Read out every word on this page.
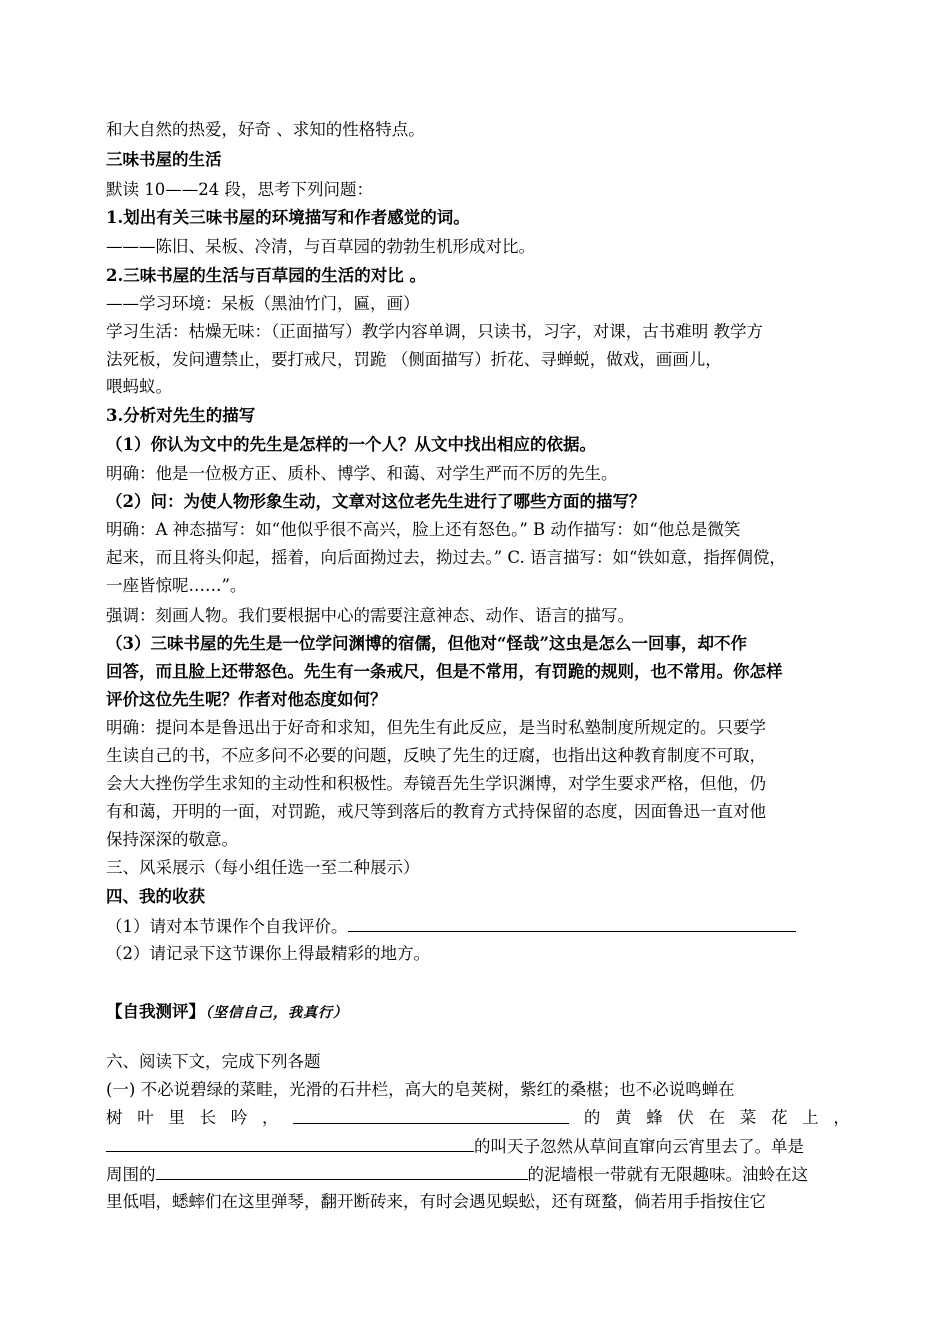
和大自然的热爱，好奇 、求知的性格特点。
三味书屋的生活
默读 10——24 段，思考下列问题：
1.划出有关三味书屋的环境描写和作者感觉的词。
———陈旧、呆板、冷清，与百草园的勃勃生机形成对比。
2.三味书屋的生活与百草园的生活的对比 。
——学习环境：呆板（黑油竹门，匾，画）
学习生活：枯燥无味：（正面描写）教学内容单调，只读书，习字，对课，古书难明 教学方
法死板，发问遭禁止，要打戒尺，罚跪 （侧面描写）折花、寻蝉蜕，做戏，画画儿，
喂蚂蚁。
3.分析对先生的描写
（1）你认为文中的先生是怎样的一个人？从文中找出相应的依据。
明确：他是一位极方正、质朴、博学、和蔼、对学生严而不厉的先生。
（2）问：为使人物形象生动，文章对这位老先生进行了哪些方面的描写？
明确：A 神态描写：如“他似乎很不高兴，脸上还有怒色。” B 动作描写：如“他总是微笑
起来，而且将头仰起，摇着，向后面拗过去，拗过去。” C. 语言描写：如“铁如意，指挥倜傥，
一座皆惊呢……”。
强调：刻画人物。我们要根据中心的需要注意神态、动作、语言的描写。
（3）三味书屋的先生是一位学问渊博的宿儒，但他对“怪哉”这虫是怎么一回事，却不作
回答，而且脸上还带怒色。先生有一条戒尺，但是不常用，有罚跪的规则，也不常用。你怎样
评价这位先生呢？作者对他态度如何？
明确：提问本是鲁迅出于好奇和求知，但先生有此反应，是当时私塾制度所规定的。只要学
生读自己的书，不应多问不必要的问题，反映了先生的迂腐，也指出这种教育制度不可取，
会大大挫伤学生求知的主动性和积极性。寿镜吾先生学识渊博，对学生要求严格，但他，仍
有和蔼，开明的一面，对罚跪，戒尺等到落后的教育方式持保留的态度，因面鲁迅一直对他
保持深深的敬意。
三、风采展示（每小组任选一至二种展示）
四、我的收获
（1）请对本节课作个自我评价。
（2）请记录下这节课你上得最精彩的地方。
【自我测评】（坚信自己，我真行）
六、阅读下文，完成下列各题
(一) 不必说碧绿的菜畦，光滑的石井栏，高大的皂荚树，紫红的桑椹；也不必说鸣蝉在
树 叶 里 长 吟 ，	的 黄 蜂 伏 在 菜 花 上 ，
的叫天子忽然从草间直窜向云宵里去了。单是
周围的	的泥墙根一带就有无限趣味。油蛉在这
里低唱，蟋蟀们在这里弹琴，翻开断砖来，有时会遇见蜈蚣，还有斑蝥，倘若用手指按住它
